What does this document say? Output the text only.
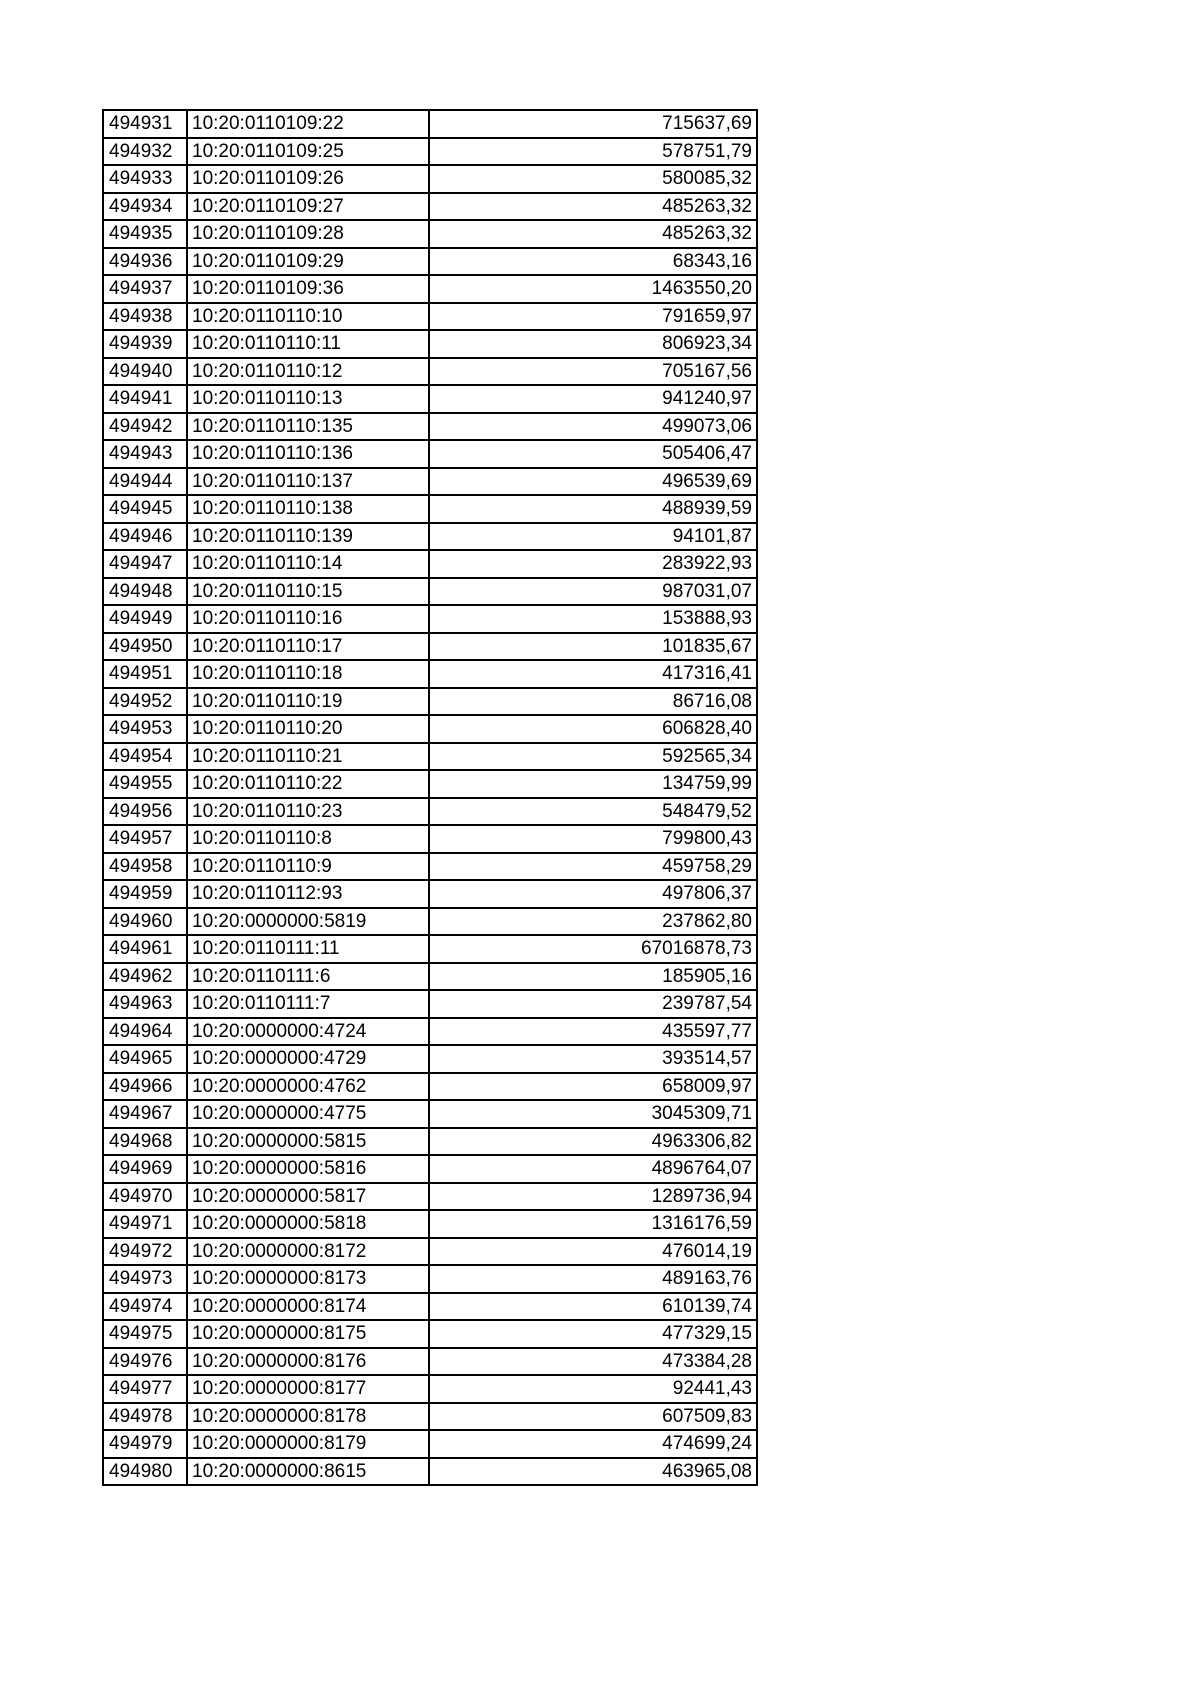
494931	10:20:0110109:22	715637,69
494932	10:20:0110109:25	578751,79
494933	10:20:0110109:26	580085,32
494934	10:20:0110109:27	485263,32
494935	10:20:0110109:28	485263,32
494936	10:20:0110109:29	68343,16
494937	10:20:0110109:36	1463550,20
494938	10:20:0110110:10	791659,97
494939	10:20:0110110:11	806923,34
494940	10:20:0110110:12	705167,56
494941	10:20:0110110:13	941240,97
494942	10:20:0110110:135	499073,06
494943	10:20:0110110:136	505406,47
494944	10:20:0110110:137	496539,69
494945	10:20:0110110:138	488939,59
494946	10:20:0110110:139	94101,87
494947	10:20:0110110:14	283922,93
494948	10:20:0110110:15	987031,07
494949	10:20:0110110:16	153888,93
494950	10:20:0110110:17	101835,67
494951	10:20:0110110:18	417316,41
494952	10:20:0110110:19	86716,08
494953	10:20:0110110:20	606828,40
494954	10:20:0110110:21	592565,34
494955	10:20:0110110:22	134759,99
494956	10:20:0110110:23	548479,52
494957	10:20:0110110:8	799800,43
494958	10:20:0110110:9	459758,29
494959	10:20:0110112:93	497806,37
494960	10:20:0000000:5819	237862,80
494961	10:20:0110111:11	67016878,73
494962	10:20:0110111:6	185905,16
494963	10:20:0110111:7	239787,54
494964	10:20:0000000:4724	435597,77
494965	10:20:0000000:4729	393514,57
494966	10:20:0000000:4762	658009,97
494967	10:20:0000000:4775	3045309,71
494968	10:20:0000000:5815	4963306,82
494969	10:20:0000000:5816	4896764,07
494970	10:20:0000000:5817	1289736,94
494971	10:20:0000000:5818	1316176,59
494972	10:20:0000000:8172	476014,19
494973	10:20:0000000:8173	489163,76
494974	10:20:0000000:8174	610139,74
494975	10:20:0000000:8175	477329,15
494976	10:20:0000000:8176	473384,28
494977	10:20:0000000:8177	92441,43
494978	10:20:0000000:8178	607509,83
494979	10:20:0000000:8179	474699,24
494980	10:20:0000000:8615	463965,08
